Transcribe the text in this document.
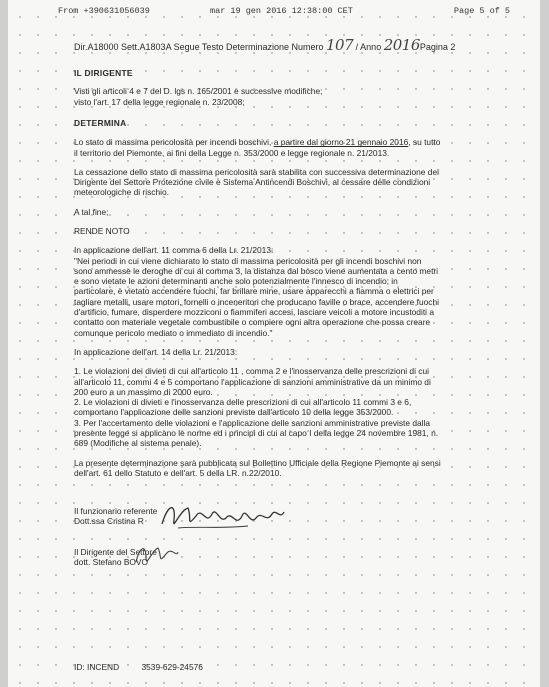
From +390631056039	mar 19 gen 2016 12:38:00 CET	Page 5 of 5
Dir.A18000 Sett.A1803A Segue Testo Determinazione Numero 107 / Anno 2016Pagina 2
IL DIRIGENTE
Visti gli articoli 4 e 7 del D. lgs n. 165/2001 e successive modifiche;
visto l'art. 17 della legge regionale n. 23/2008;
DETERMINA
Lo stato di massima pericolosità per incendi boschivi, a partire dal giorno 21 gennaio 2016, su tutto
il territorio del Piemonte, ai fini della Legge n. 353/2000 e legge regionale n. 21/2013.
La cessazione dello stato di massima pericolosità sarà stabilita con successiva determinazione del
Dirigente del Settore Protezione civile e Sistema Antincendi Boschivi, al cessare delle condizioni
meteorologiche di rischio.
A tal fine;
RENDE NOTO
In applicazione dell'art. 11 comma 6 della Lr. 21/2013:
"Nei periodi in cui viene dichiarato lo stato di massima pericolosità per gli incendi boschivi non
sono ammesse le deroghe di cui al comma 3, la distanza dal bosco viene aumentata a cento metri
e sono vietate le azioni determinanti anche solo potenzialmente l'innesco di incendio; in
particolare, è vietato accendere fuochi, far brillare mine, usare apparecchi a fiamma o elettrici per
tagliare metalli, usare motori, fornelli o inceneritori che producano faville o brace, accendere fuochi
d'artificio, fumare, disperdere mozziconi o fiammiferi accesi, lasciare veicoli a motore incustoditi a
contatto con materiale vegetale combustibile o compiere ogni altra operazione che possa creare
comunque pericolo mediato o immediato di incendio."
In applicazione dell'art. 14 della Lr. 21/2013:
1. Le violazioni dei divieti di cui all'articolo 11 , comma 2 e l'inosservanza delle prescrizioni di cui
all'articolo 11, commi 4 e 5 comportano l'applicazione di sanzioni amministrative da un minimo di
200 euro a un massimo di 2000 euro.
2. Le violazioni di divieti e l'inosservanza delle prescrizioni di cui all'articolo 11 commi 3 e 6,
comportano l'applicazione delle sanzioni previste dall'articolo 10 della legge 353/2000.
3. Per l'accertamento delle violazioni e l'applicazione delle sanzioni amministrative previste dalla
presente legge si applicano le norme ed i principi di cui al capo I della legge 24 novembre 1981, n.
689 (Modifiche al sistema penale).
La presente determinazione sarà pubblicata sul Bollettino Ufficiale della Regione Piemonte ai sensi
dell'art. 61 dello Statuto e dell'art. 5 della LR. n.22/2010.
Il funzionario referente
Dott.ssa Cristina R
Il Dirigente del Settore
dott. Stefano BOVO
ID: INCEND	3539-629-24576
